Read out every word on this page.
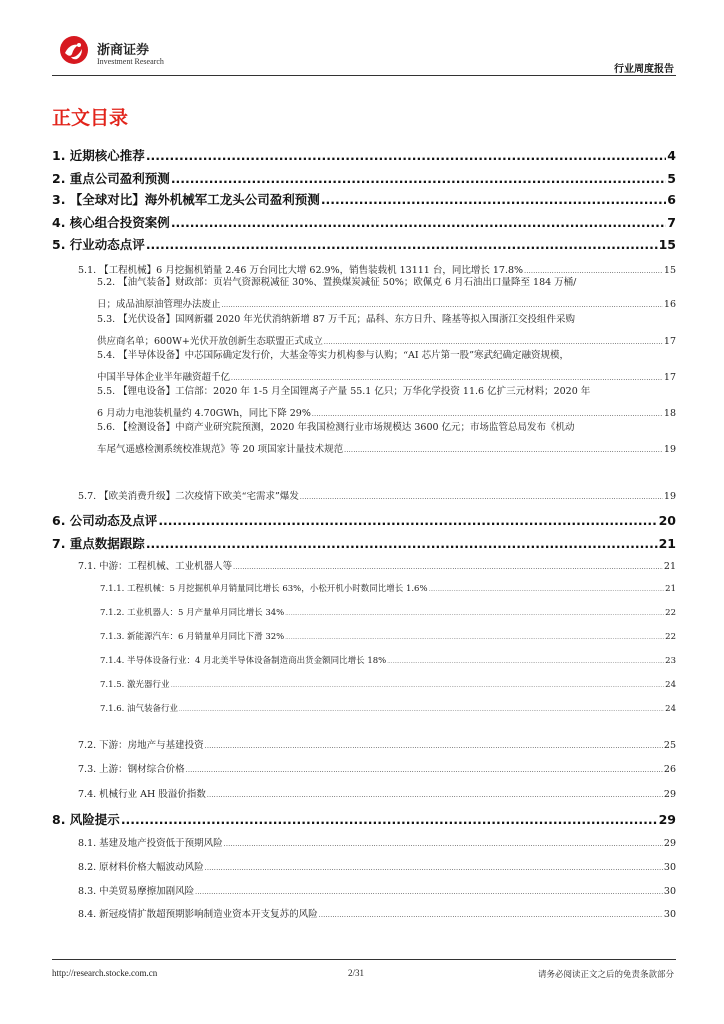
浙商证券
Investment Research
行业周度报告
正文目录
1. 近期核心推荐 .....	4
2. 重点公司盈利预测 .....	5
3. 【全球对比】海外机械军工龙头公司盈利预测 .....	6
4. 核心组合投资案例 .....	7
5. 行业动态点评 .....	15
5.1. 【工程机械】6 月挖掘机销量 2.46 万台同比大增 62.9%，销售装载机 13111 台，同比增长 17.8% .....	15
5.2. 【油气装备】财政部：页岩气资源税减征 30%、置换煤炭减征 50%；欧佩克 6 月石油出口量降至 184 万桶/
日；成品油原油管理办法废止 .....	16
5.3. 【光伏设备】国网新疆 2020 年光伏消纳新增 87 万千瓦；晶科、东方日升、隆基等拟入围浙江交投组件采购
供应商名单；600W+光伏开放创新生态联盟正式成立 .....	17
5.4. 【半导体设备】中芯国际确定发行价，大基金等实力机构参与认购；“AI 芯片第一股”寒武纪确定融资规模，
中国半导体企业半年融资超千亿 .....	17
5.5. 【锂电设备】工信部：2020 年 1-5 月全国锂离子产量 55.1 亿只；万华化学投资 11.6 亿扩三元材料；2020 年
6 月动力电池装机量约 4.70GWh，同比下降 29% .....	18
5.6. 【检测设备】中商产业研究院预测，2020 年我国检测行业市场规模达 3600 亿元；市场监管总局发布《机动
车尾气遥感检测系统校准规范》等 20 项国家计量技术规范 .....	19
5.7. 【欧美消费升级】二次疫情下欧美“宅需求”爆发 .....	19
6. 公司动态及点评 .....	20
7. 重点数据跟踪 .....	21
7.1. 中游：工程机械、工业机器人等 .....	21
7.1.1. 工程机械：5 月挖掘机单月销量同比增长 63%，小松开机小时数同比增长 1.6% .....	21
7.1.2. 工业机器人：5 月产量单月同比增长 34% .....	22
7.1.3. 新能源汽车：6 月销量单月同比下滑 32% .....	22
7.1.4. 半导体设备行业：4 月北美半导体设备制造商出货金额同比增长 18% .....	23
7.1.5. 激光器行业 .....	24
7.1.6. 油气装备行业 .....	24
7.2. 下游：房地产与基建投资 .....	25
7.3. 上游：钢材综合价格 .....	26
7.4. 机械行业 AH 股溢价指数 .....	29
8. 风险提示 .....	29
8.1. 基建及地产投资低于预期风险 .....	29
8.2. 原材料价格大幅波动风险 .....	30
8.3. 中美贸易摩擦加剧风险 .....	30
8.4. 新冠疫情扩散超预期影响制造业资本开支复苏的风险 .....	30
http://research.stocke.com.cn	2/31	请务必阅读正文之后的免责条款部分
